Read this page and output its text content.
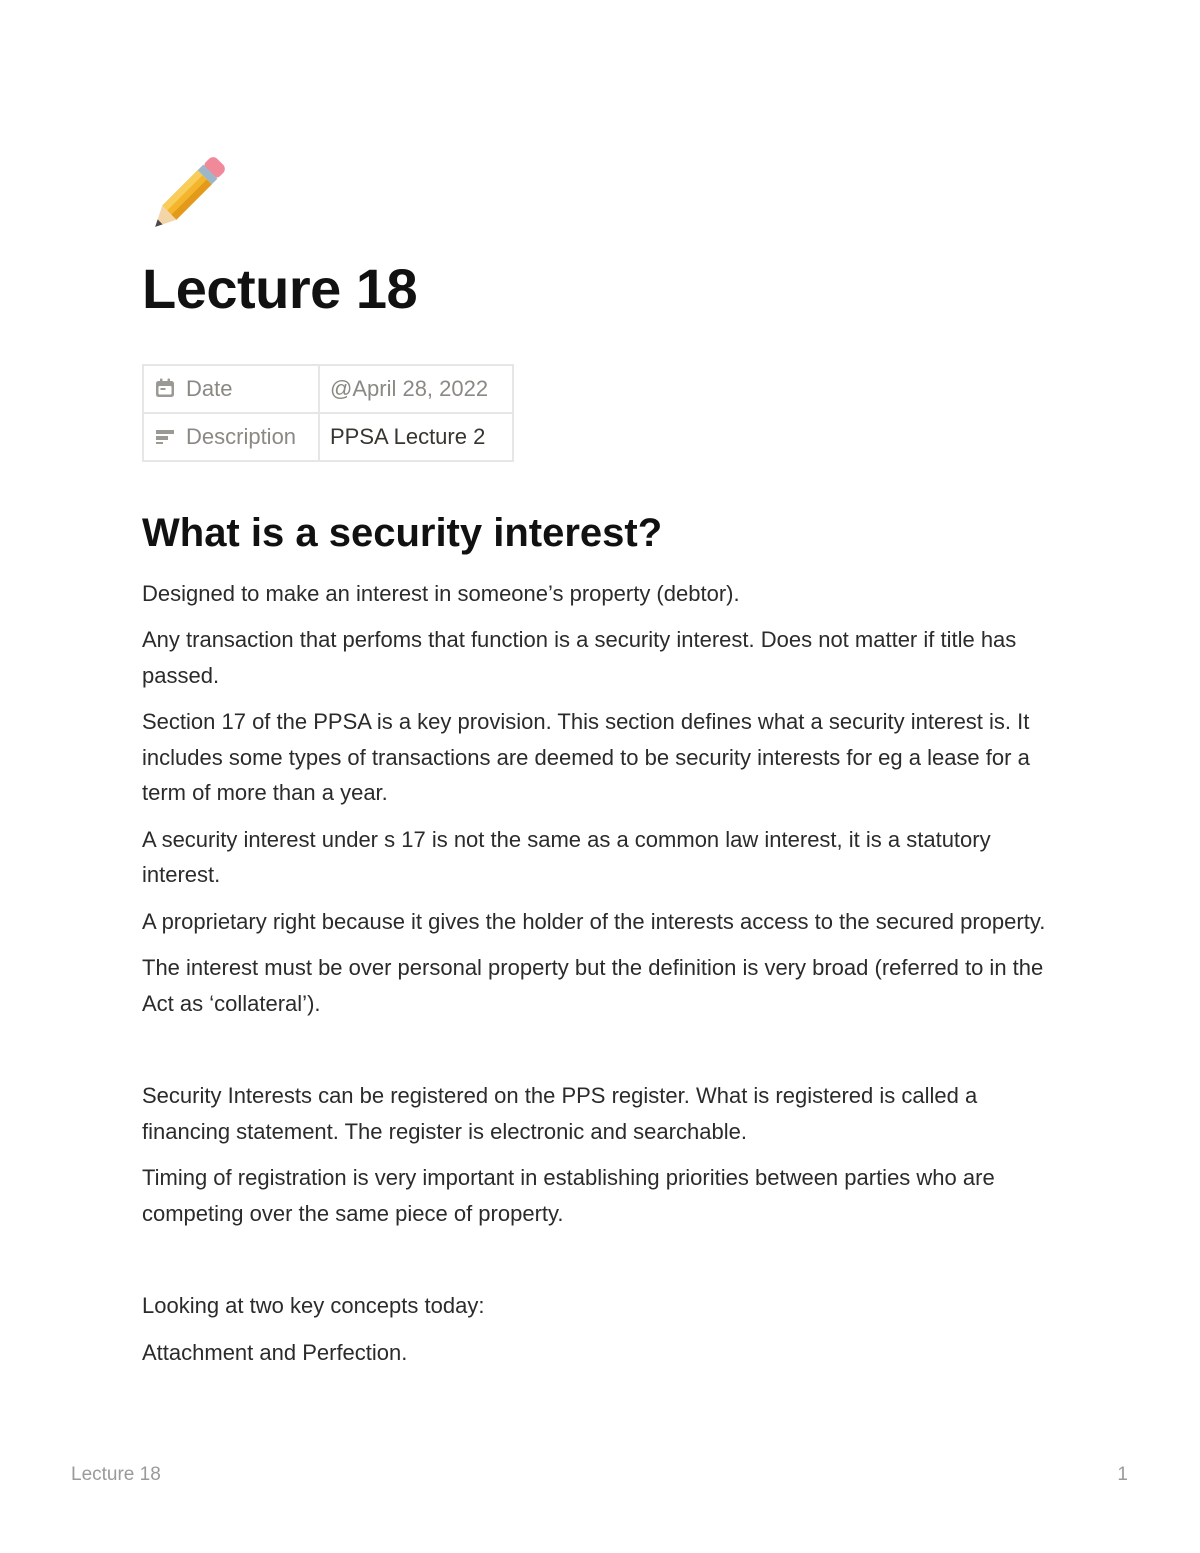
Lecture 18
Date	@April 28, 2022
Description	PPSA Lecture 2
What is a security interest?

Designed to make an interest in someone’s property (debtor).

Any transaction that perfoms that function is a security interest. Does not matter if title has passed.

Section 17 of the PPSA is a key provision. This section defines what a security interest is. It includes some types of transactions are deemed to be security interests for eg a lease for a term of more than a year.

A security interest under s 17 is not the same as a common law interest, it is a statutory interest.

A proprietary right because it gives the holder of the interests access to the secured property.

The interest must be over personal property but the definition is very broad (referred to in the Act as ‘collateral’).

Security Interests can be registered on the PPS register. What is registered is called a financing statement. The register is electronic and searchable.

Timing of registration is very important in establishing priorities between parties who are competing over the same piece of property.

Looking at two key concepts today:

Attachment and Perfection.

Lecture 18	1
